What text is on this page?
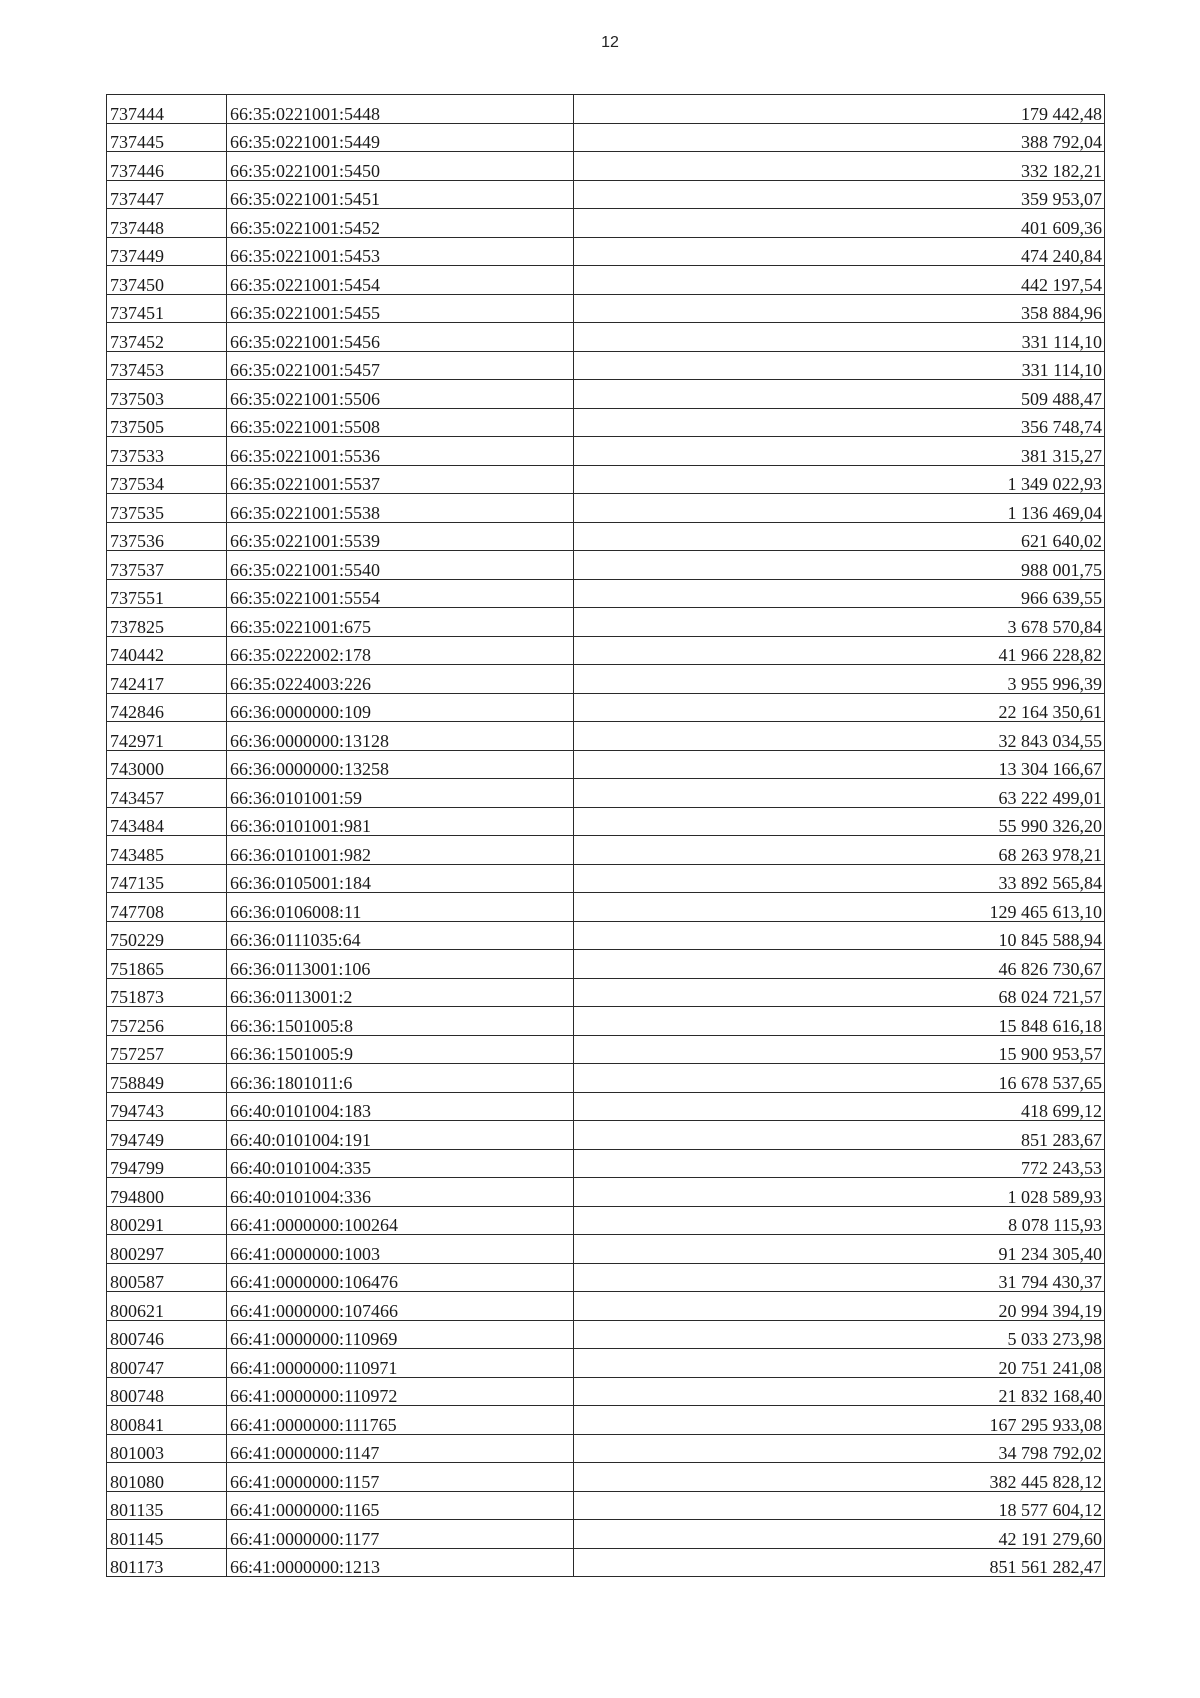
12
737444	66:35:0221001:5448	179 442,48
737445	66:35:0221001:5449	388 792,04
737446	66:35:0221001:5450	332 182,21
737447	66:35:0221001:5451	359 953,07
737448	66:35:0221001:5452	401 609,36
737449	66:35:0221001:5453	474 240,84
737450	66:35:0221001:5454	442 197,54
737451	66:35:0221001:5455	358 884,96
737452	66:35:0221001:5456	331 114,10
737453	66:35:0221001:5457	331 114,10
737503	66:35:0221001:5506	509 488,47
737505	66:35:0221001:5508	356 748,74
737533	66:35:0221001:5536	381 315,27
737534	66:35:0221001:5537	1 349 022,93
737535	66:35:0221001:5538	1 136 469,04
737536	66:35:0221001:5539	621 640,02
737537	66:35:0221001:5540	988 001,75
737551	66:35:0221001:5554	966 639,55
737825	66:35:0221001:675	3 678 570,84
740442	66:35:0222002:178	41 966 228,82
742417	66:35:0224003:226	3 955 996,39
742846	66:36:0000000:109	22 164 350,61
742971	66:36:0000000:13128	32 843 034,55
743000	66:36:0000000:13258	13 304 166,67
743457	66:36:0101001:59	63 222 499,01
743484	66:36:0101001:981	55 990 326,20
743485	66:36:0101001:982	68 263 978,21
747135	66:36:0105001:184	33 892 565,84
747708	66:36:0106008:11	129 465 613,10
750229	66:36:0111035:64	10 845 588,94
751865	66:36:0113001:106	46 826 730,67
751873	66:36:0113001:2	68 024 721,57
757256	66:36:1501005:8	15 848 616,18
757257	66:36:1501005:9	15 900 953,57
758849	66:36:1801011:6	16 678 537,65
794743	66:40:0101004:183	418 699,12
794749	66:40:0101004:191	851 283,67
794799	66:40:0101004:335	772 243,53
794800	66:40:0101004:336	1 028 589,93
800291	66:41:0000000:100264	8 078 115,93
800297	66:41:0000000:1003	91 234 305,40
800587	66:41:0000000:106476	31 794 430,37
800621	66:41:0000000:107466	20 994 394,19
800746	66:41:0000000:110969	5 033 273,98
800747	66:41:0000000:110971	20 751 241,08
800748	66:41:0000000:110972	21 832 168,40
800841	66:41:0000000:111765	167 295 933,08
801003	66:41:0000000:1147	34 798 792,02
801080	66:41:0000000:1157	382 445 828,12
801135	66:41:0000000:1165	18 577 604,12
801145	66:41:0000000:1177	42 191 279,60
801173	66:41:0000000:1213	851 561 282,47
